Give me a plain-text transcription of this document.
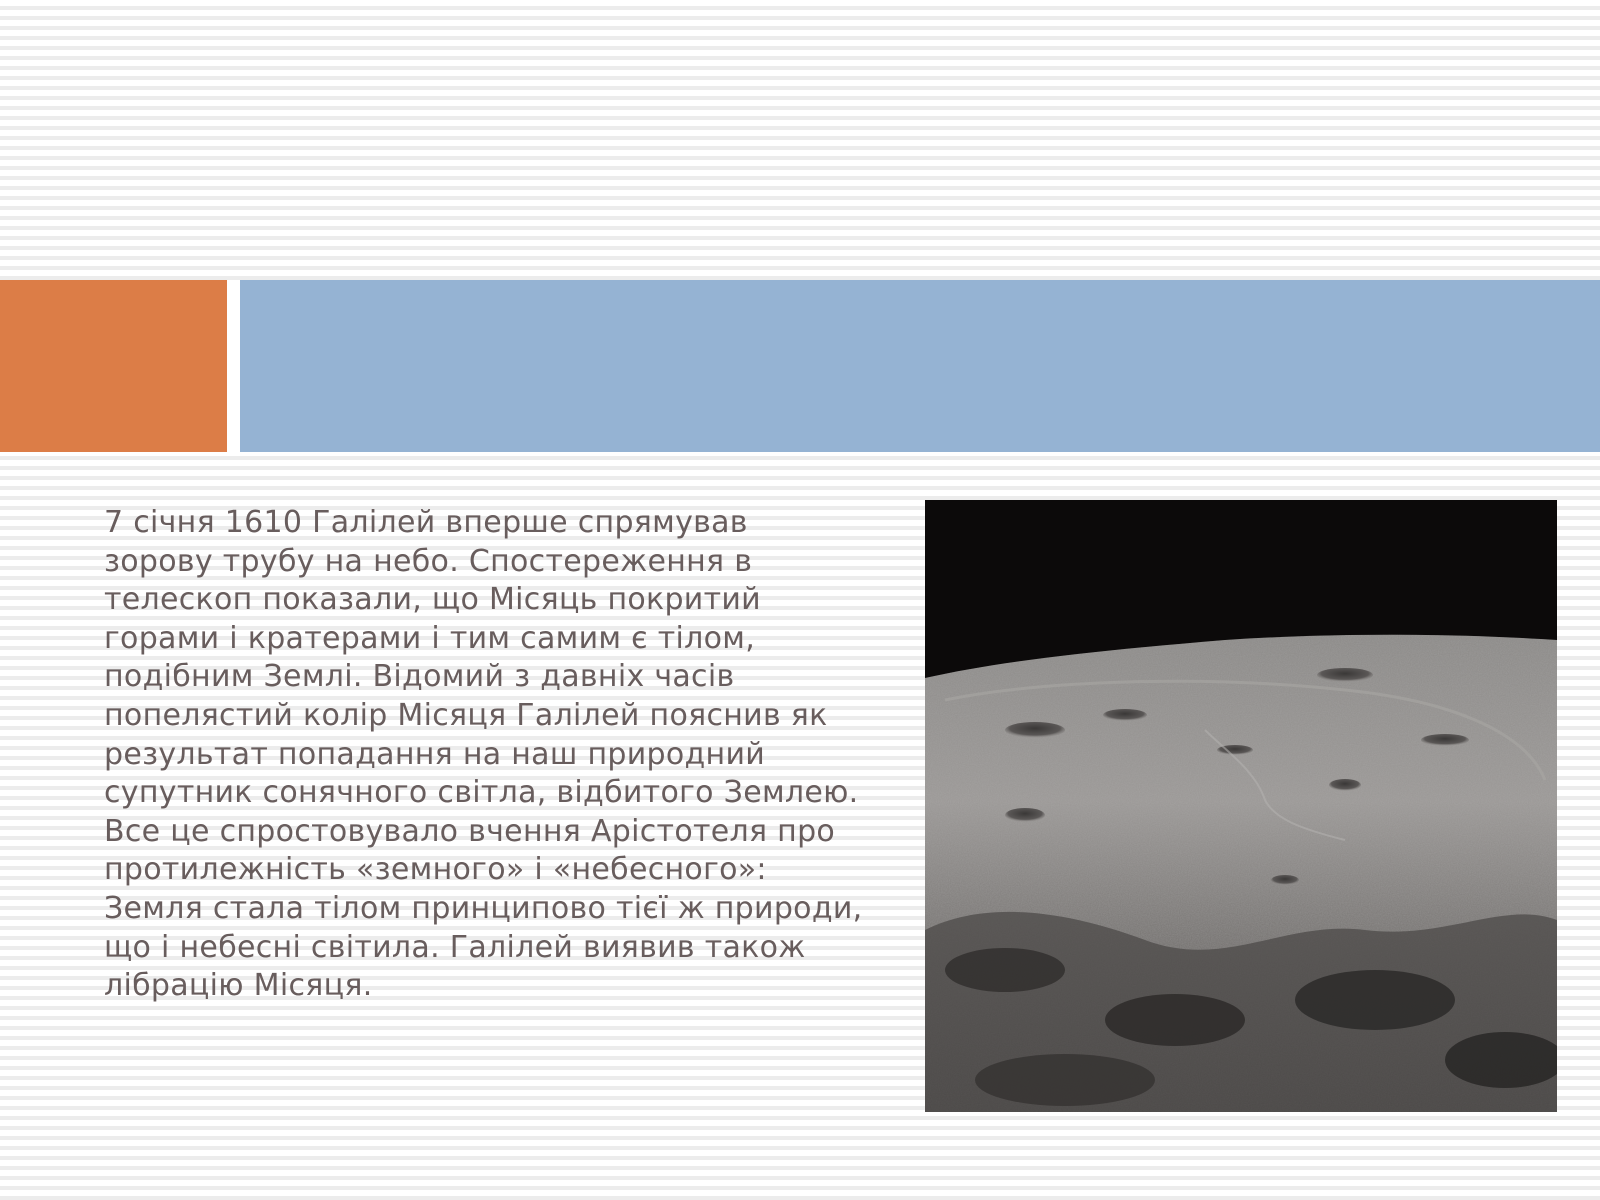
7 січня 1610 Галілей вперше спрямував зорову трубу на небо. Спостереження в телескоп показали, що Місяць покритий горами і кратерами і тим самим є тілом, подібним Землі. Відомий з давніх часів попелястий колір Місяця Галілей пояснив як результат попадання на наш природний супутник сонячного світла, відбитого Землею. Все це спростовувало вчення Арістотеля про протилежність «земного» і «небесного»: Земля стала тілом принципово тієї ж природи, що і небесні світила. Галілей виявив також лібрацію Місяця.
